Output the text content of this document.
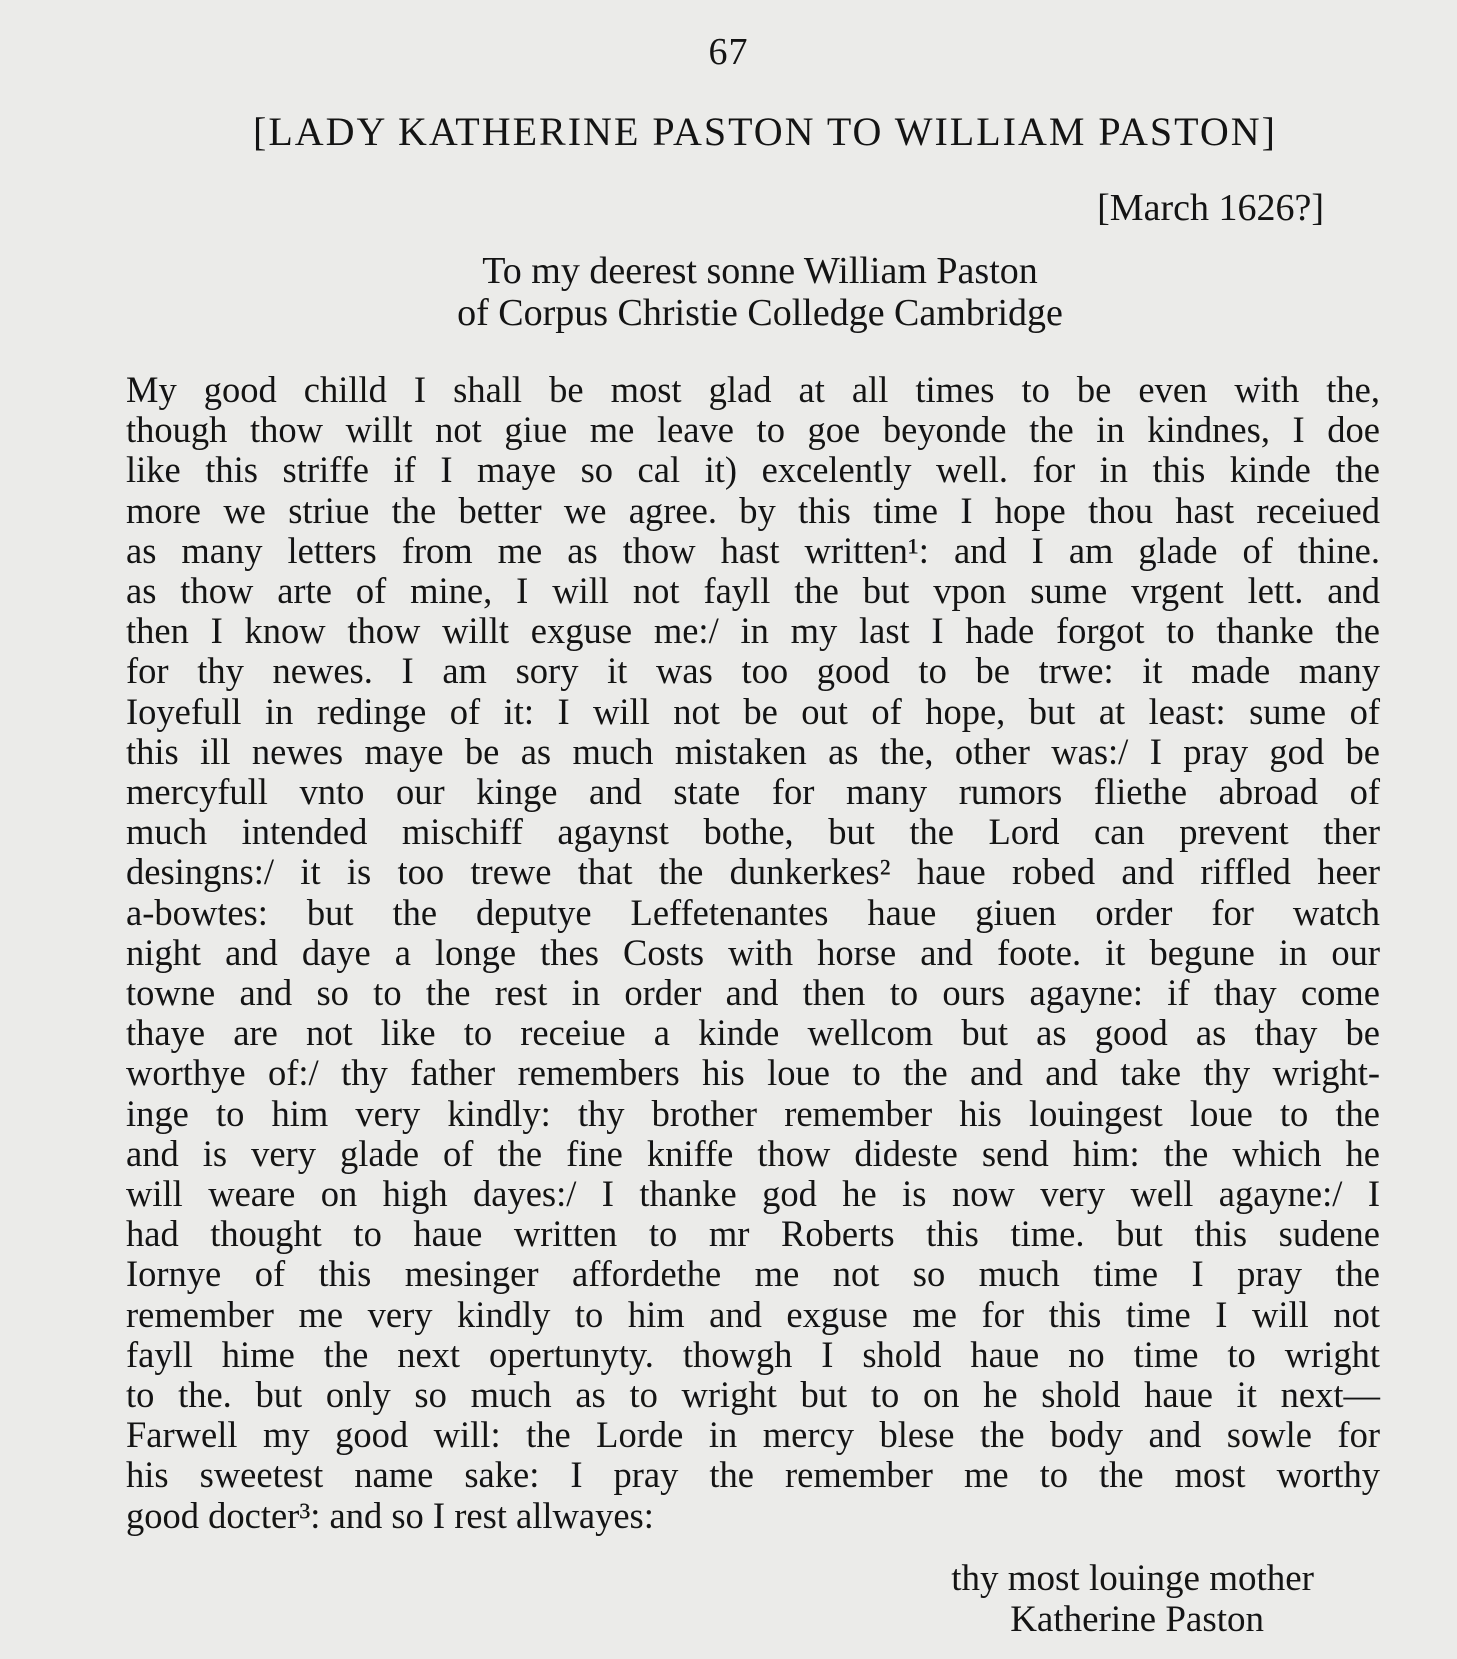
67
[LADY KATHERINE PASTON TO WILLIAM PASTON]
[March 1626?]
To my deerest sonne William Paston
of Corpus Christie Colledge Cambridge
My good chilld I shall be most glad at all times to be even with the,
though thow willt not giue me leave to goe beyonde the in kindnes, I doe
like this striffe if I maye so cal it) excelently well. for in this kinde the
more we striue the better we agree. by this time I hope thou hast receiued
as many letters from me as thow hast written¹: and I am glade of thine.
as thow arte of mine, I will not fayll the but vpon sume vrgent lett. and
then I know thow willt exguse me:/ in my last I hade forgot to thanke the
for thy newes. I am sory it was too good to be trwe: it made many
Ioyefull in redinge of it: I will not be out of hope, but at least: sume of
this ill newes maye be as much mistaken as the, other was:/ I pray god be
mercyfull vnto our kinge and state for many rumors fliethe abroad of
much intended mischiff agaynst bothe, but the Lord can prevent ther
desingns:/ it is too trewe that the dunkerkes² haue robed and riffled heer
a-bowtes: but the deputye Leffetenantes haue giuen order for watch
night and daye a longe thes Costs with horse and foote. it begune in our
towne and so to the rest in order and then to ours agayne: if thay come
thaye are not like to receiue a kinde wellcom but as good as thay be
worthye of:/ thy father remembers his loue to the and and take thy wright-
inge to him very kindly: thy brother remember his louingest loue to the
and is very glade of the fine kniffe thow dideste send him: the which he
will weare on high dayes:/ I thanke god he is now very well agayne:/ I
had thought to haue written to mr Roberts this time. but this sudene
Iornye of this mesinger affordethe me not so much time I pray the
remember me very kindly to him and exguse me for this time I will not
fayll hime the next opertunyty. thowgh I shold haue no time to wright
to the. but only so much as to wright but to on he shold haue it next—
Farwell my good will: the Lorde in mercy blese the body and sowle for
his sweetest name sake: I pray the remember me to the most worthy
good docter³: and so I rest allwayes:
thy most louinge mother
Katherine Paston
